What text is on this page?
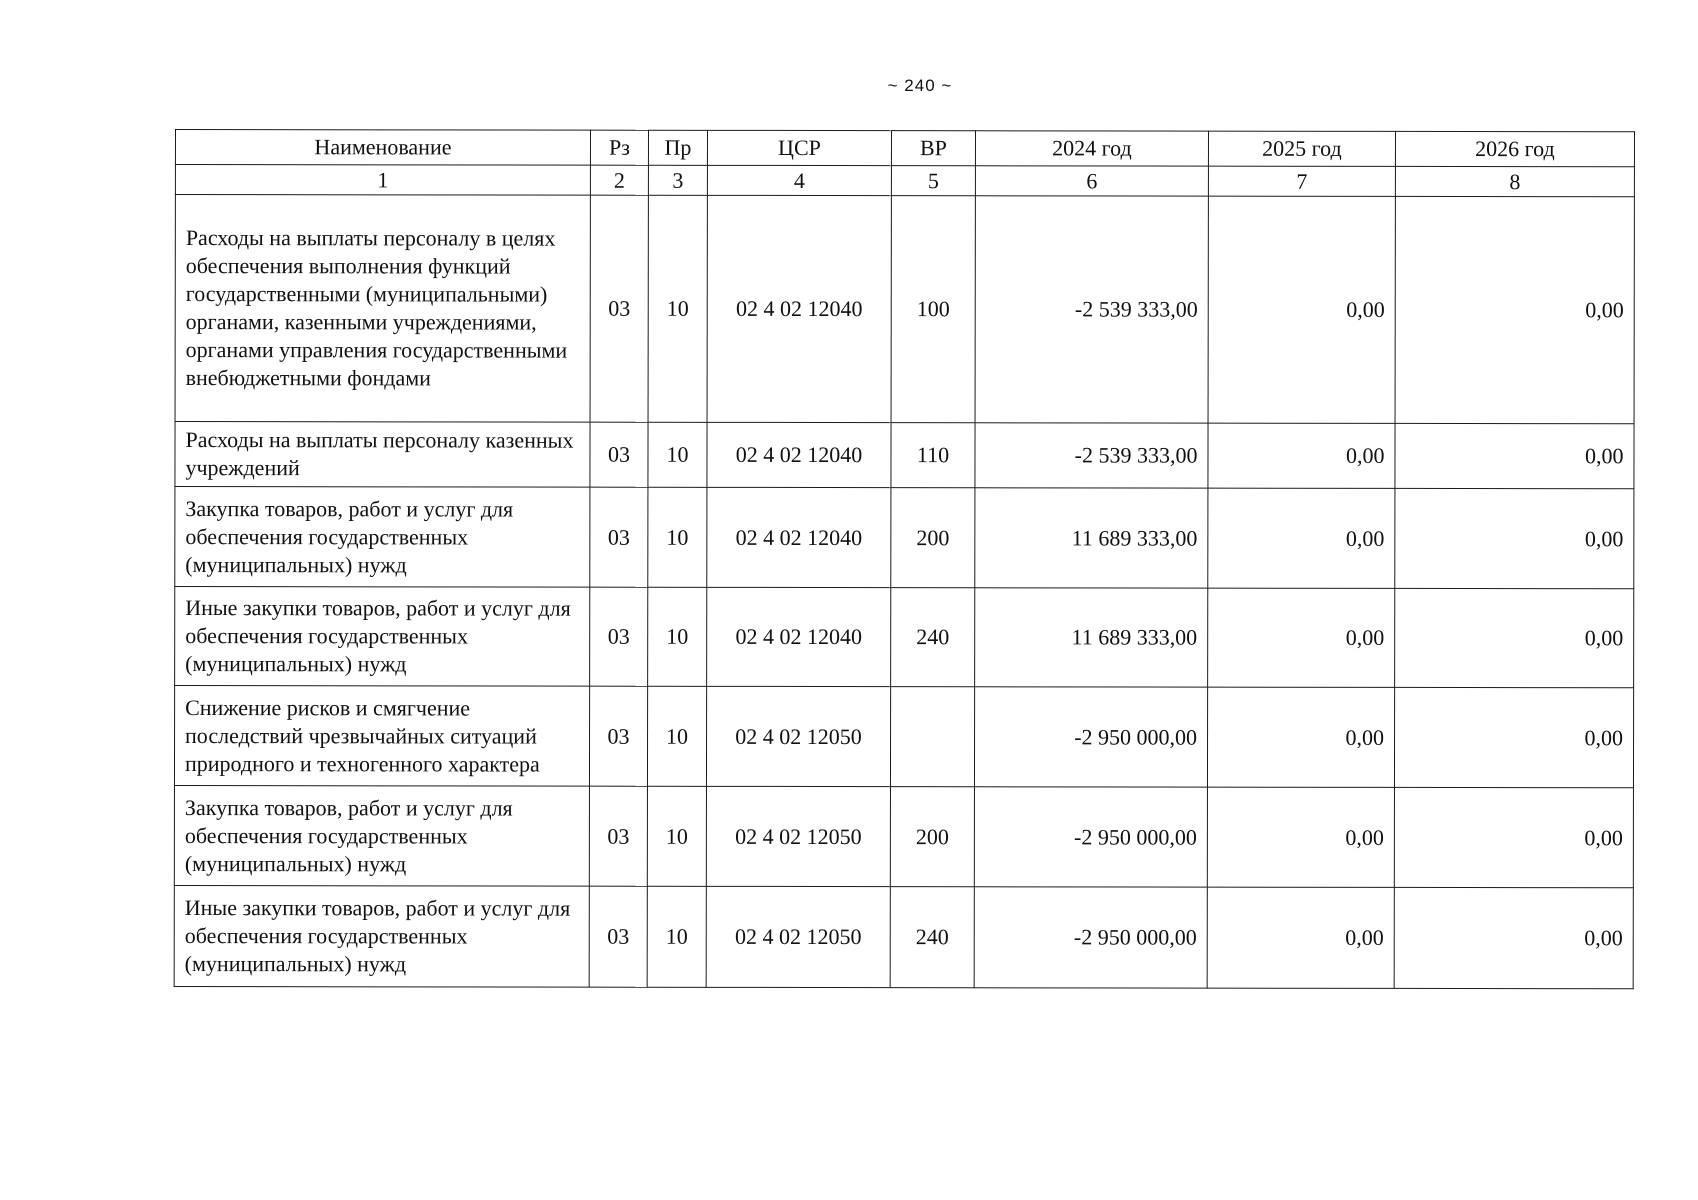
~ 240 ~
Наименование	Рз	Пр	ЦСР	ВР	2024 год	2025 год	2026 год
1	2	3	4	5	6	7	8
Расходы на выплаты персоналу в целях обеспечения выполнения функций государственными (муниципальными) органами, казенными учреждениями, органами управления государственными внебюджетными фондами	03	10	02 4 02 12040	100	-2 539 333,00	0,00	0,00
Расходы на выплаты персоналу казенных учреждений	03	10	02 4 02 12040	110	-2 539 333,00	0,00	0,00
Закупка товаров, работ и услуг для обеспечения государственных (муниципальных) нужд	03	10	02 4 02 12040	200	11 689 333,00	0,00	0,00
Иные закупки товаров, работ и услуг для обеспечения государственных (муниципальных) нужд	03	10	02 4 02 12040	240	11 689 333,00	0,00	0,00
Снижение рисков и смягчение последствий чрезвычайных ситуаций природного и техногенного характера	03	10	02 4 02 12050		-2 950 000,00	0,00	0,00
Закупка товаров, работ и услуг для обеспечения государственных (муниципальных) нужд	03	10	02 4 02 12050	200	-2 950 000,00	0,00	0,00
Иные закупки товаров, работ и услуг для обеспечения государственных (муниципальных) нужд	03	10	02 4 02 12050	240	-2 950 000,00	0,00	0,00
